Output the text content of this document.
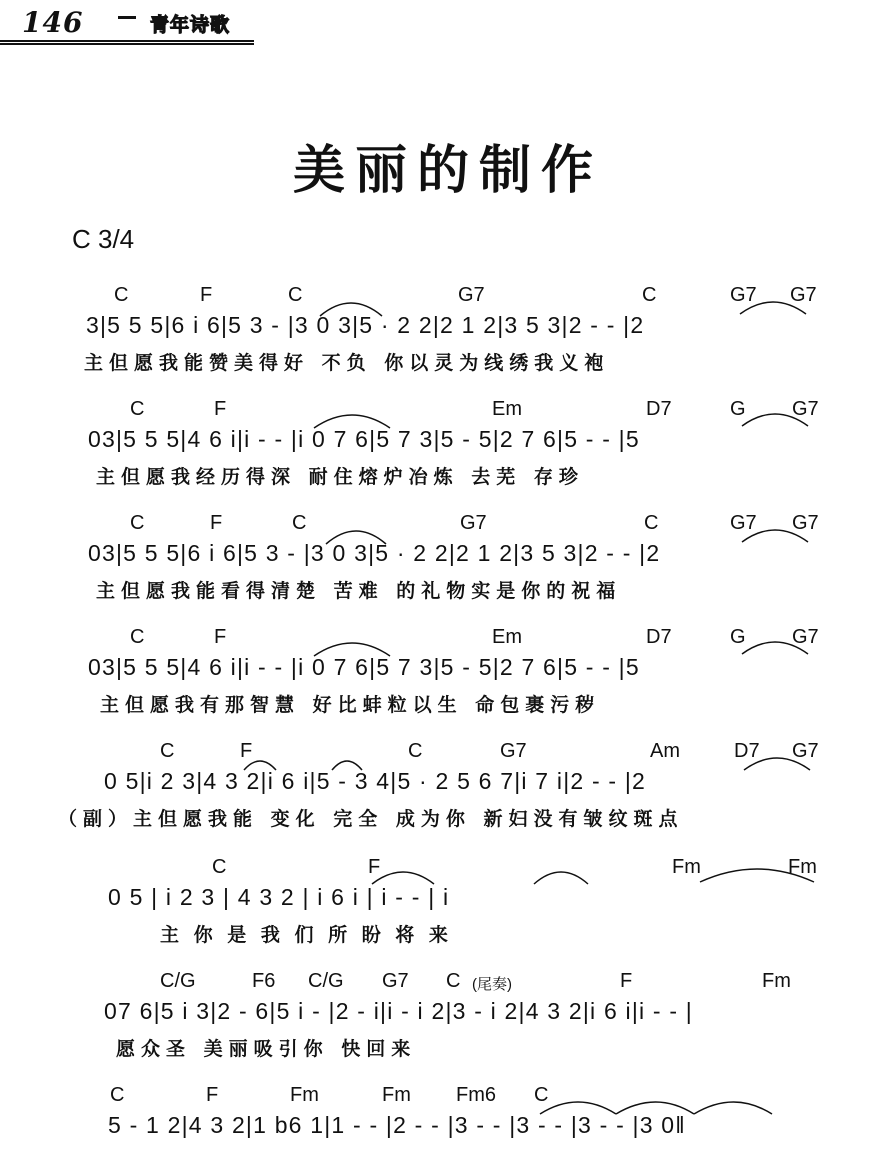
146	青年诗歌
美丽的制作
C 3/4
C	F	C	G7	C	G7 G7
3|5 5 5|6 i 6|5 3 - |3 0 3|5 · 2 2|2 1 2|3 5 3|2 - - |2
主但愿我能赞美得好 不负 你以灵为线绣我义袍
C	F	Em	D7	G G7
03|5 5 5|4 6 i|i - - |i 0 7 6|5 7 3|5 - 5|2 7 6|5 - - |5
主但愿我经历得深 耐住熔炉冶炼 去芜 存珍
C	F	C	G7	C	G7 G7
03|5 5 5|6 i 6|5 3 - |3 0 3|5 · 2 2|2 1 2|3 5 3|2 - - |2
主但愿我能看得清楚 苦难 的礼物实是你的祝福
C	F	Em	D7	G G7
03|5 5 5|4 6 i|i - - |i 0 7 6|5 7 3|5 - 5|2 7 6|5 - - |5
主但愿我有那智慧 好比蚌粒以生 命包裹污秽
C	F	C	G7	Am	D7 G7
0 5|i 2 3|4 3 2|i 6 i|5 - 3 4|5 · 2 5 6 7|i 7 i|2 - - |2
（副）主但愿我能 变化 完全 成为你 新妇没有皱纹斑点
C	F	Fm	Fm
0 5 | i 2 3 | 4 3 2 | i 6 i | i - - | i
主 你 是 我 们 所 盼 将 来
C/G	F6 C/G G7 C (尾奏)	F	Fm
07 6|5 i 3|2 - 6|5 i - |2 - i|i - i 2|3 - i 2|4 3 2|i 6 i|i - - |
愿众圣 美丽吸引你 快回来
C	F	Fm	Fm Fm6 C
5 - 1 2|4 3 2|1 b6 1|1 - - |2 - - |3 - - |3 - - |3 - - |3 0‖
